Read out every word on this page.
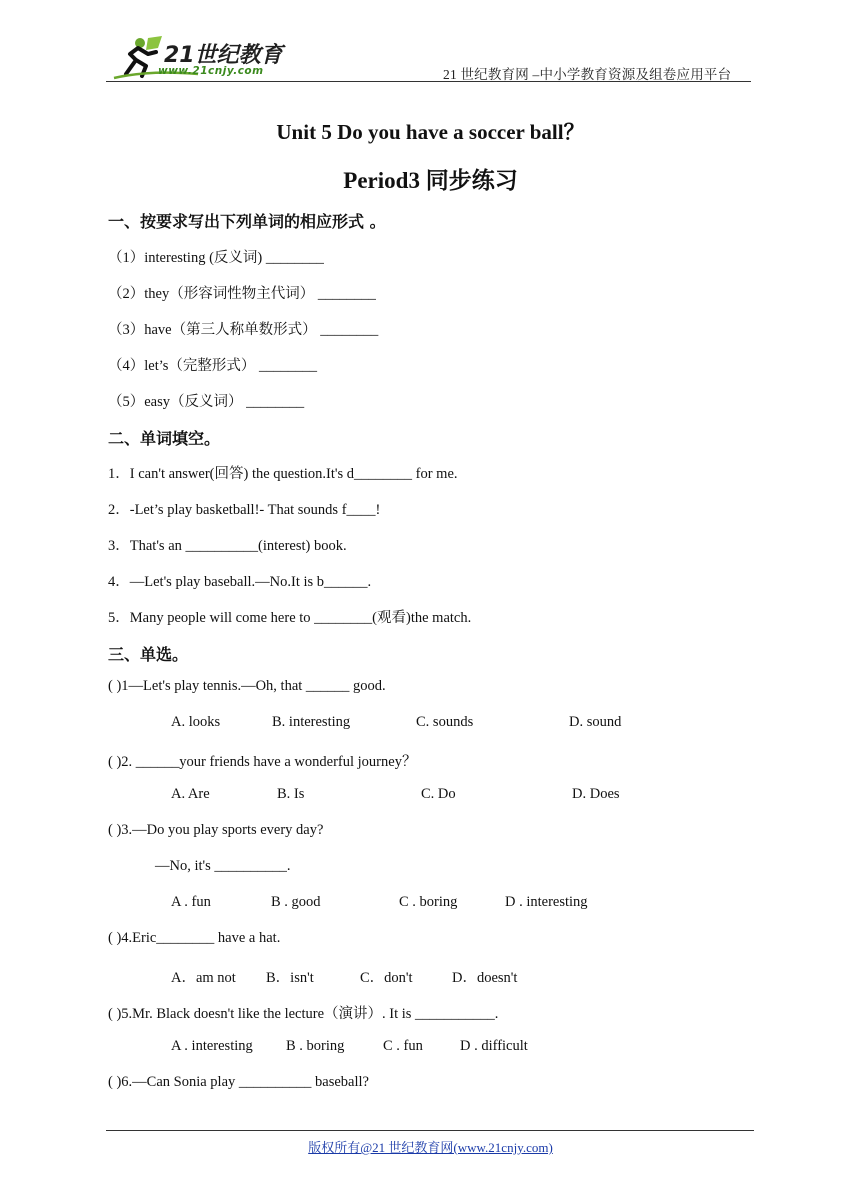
21世纪教育
www.21cnjy.com	21 世纪教育网 –中小学教育资源及组卷应用平台
Unit 5 Do you have a soccer ball？
Period3 同步练习
一、按要求写出下列单词的相应形式 。
（1）interesting (反义词) ________
（2）they（形容词性物主代词） ________
（3）have（第三人称单数形式） ________
（4）let’s（完整形式） ________
（5）easy（反义词） ________
二、单词填空。
1．I can't answer(回答) the question.It's d________ for me.
2．-Let’s play basketball!- That sounds f____!
3．That's an __________(interest) book.
4．—Let's play baseball.—No.It is b______.
5．Many people will come here to ________(观看)the match.
三、单选。
( )1—Let's play tennis.—Oh, that ______ good.
A. looks	B. interesting	C. sounds	D. sound
( )2. ______your friends have a wonderful journey？
A. Are	B. Is	C. Do	D. Does
( )3.—Do you play sports every day?
—No, it's __________.
A . fun	B . good	C . boring	D . interesting
( )4.Eric________ have a hat.
A．am not B．isn't	C．don't	D．doesn't
( )5.Mr. Black doesn't like the lecture（演讲）. It is ___________.
A . interesting B . boring	C . fun	D . difficult
( )6.—Can Sonia play __________ baseball?
版权所有@21 世纪教育网(www.21cnjy.com)
